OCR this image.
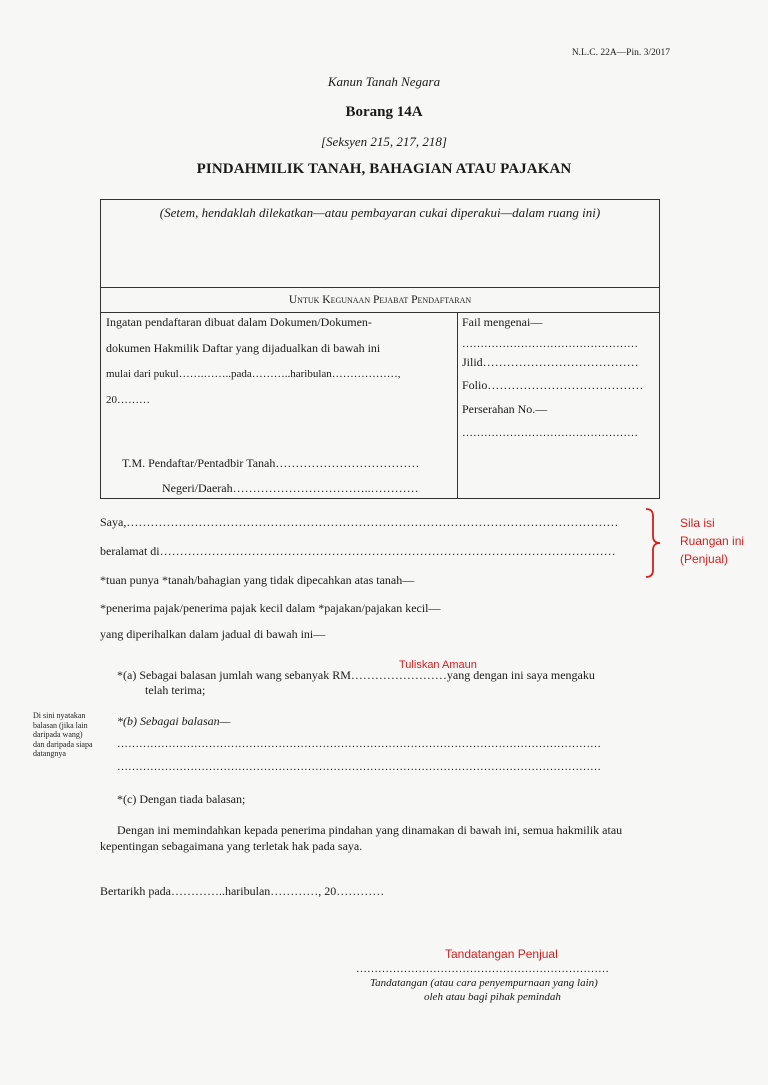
N.L.C. 22A—Pin. 3/2017
Kanun Tanah Negara
Borang 14A
[Seksyen 215, 217, 218]
PINDAHMILIK TANAH, BAHAGIAN ATAU PAJAKAN
(Setem, hendaklah dilekatkan—atau pembayaran cukai diperakui—dalam ruang ini)
Untuk Kegunaan Pejabat Pendaftaran
Ingatan pendaftaran dibuat dalam Dokumen/Dokumen-
dokumen Hakmilik Daftar yang dijadualkan di bawah ini
mulai dari pukul…….……..pada………..haribulan………………,
20………
T.M. Pendaftar/Pentadbir Tanah………………………………
Negeri/Daerah……………………………..…………
Fail mengenai—
…………………………………………
Jilid…………………………………
Folio…………………………………
Perserahan No.—
…………………………………………
Saya,……………………………………………………………………………………………………………
beralamat di……………………………………………………………………………………………………
*tuan punya *tanah/bahagian yang tidak dipecahkan atas tanah—
*penerima pajak/penerima pajak kecil dalam *pajakan/pajakan kecil—
yang diperihalkan dalam jadual di bawah ini—
*(a) Sebagai balasan jumlah wang sebanyak RM……………………yang dengan ini saya mengaku
telah terima;
*(b) Sebagai balasan—
……………………………………………………………………………………………………………………
……………………………………………………………………………………………………………………
*(c) Dengan tiada balasan;
Dengan ini memindahkan kepada penerima pindahan yang dinamakan di bawah ini, semua hakmilik atau
kepentingan sebagaimana yang terletak hak pada saya.
Bertarikh pada…………..haribulan…………, 20…………
……………………………………………………………
Tandatangan (atau cara penyempurnaan yang lain)
oleh atau bagi pihak pemindah
Di sini nyatakan balasan (jika lain daripada wang) dan daripada siapa datangnya
Sila isi
Ruangan ini
(Penjual)
Tuliskan Amaun
Tandatangan Penjual
